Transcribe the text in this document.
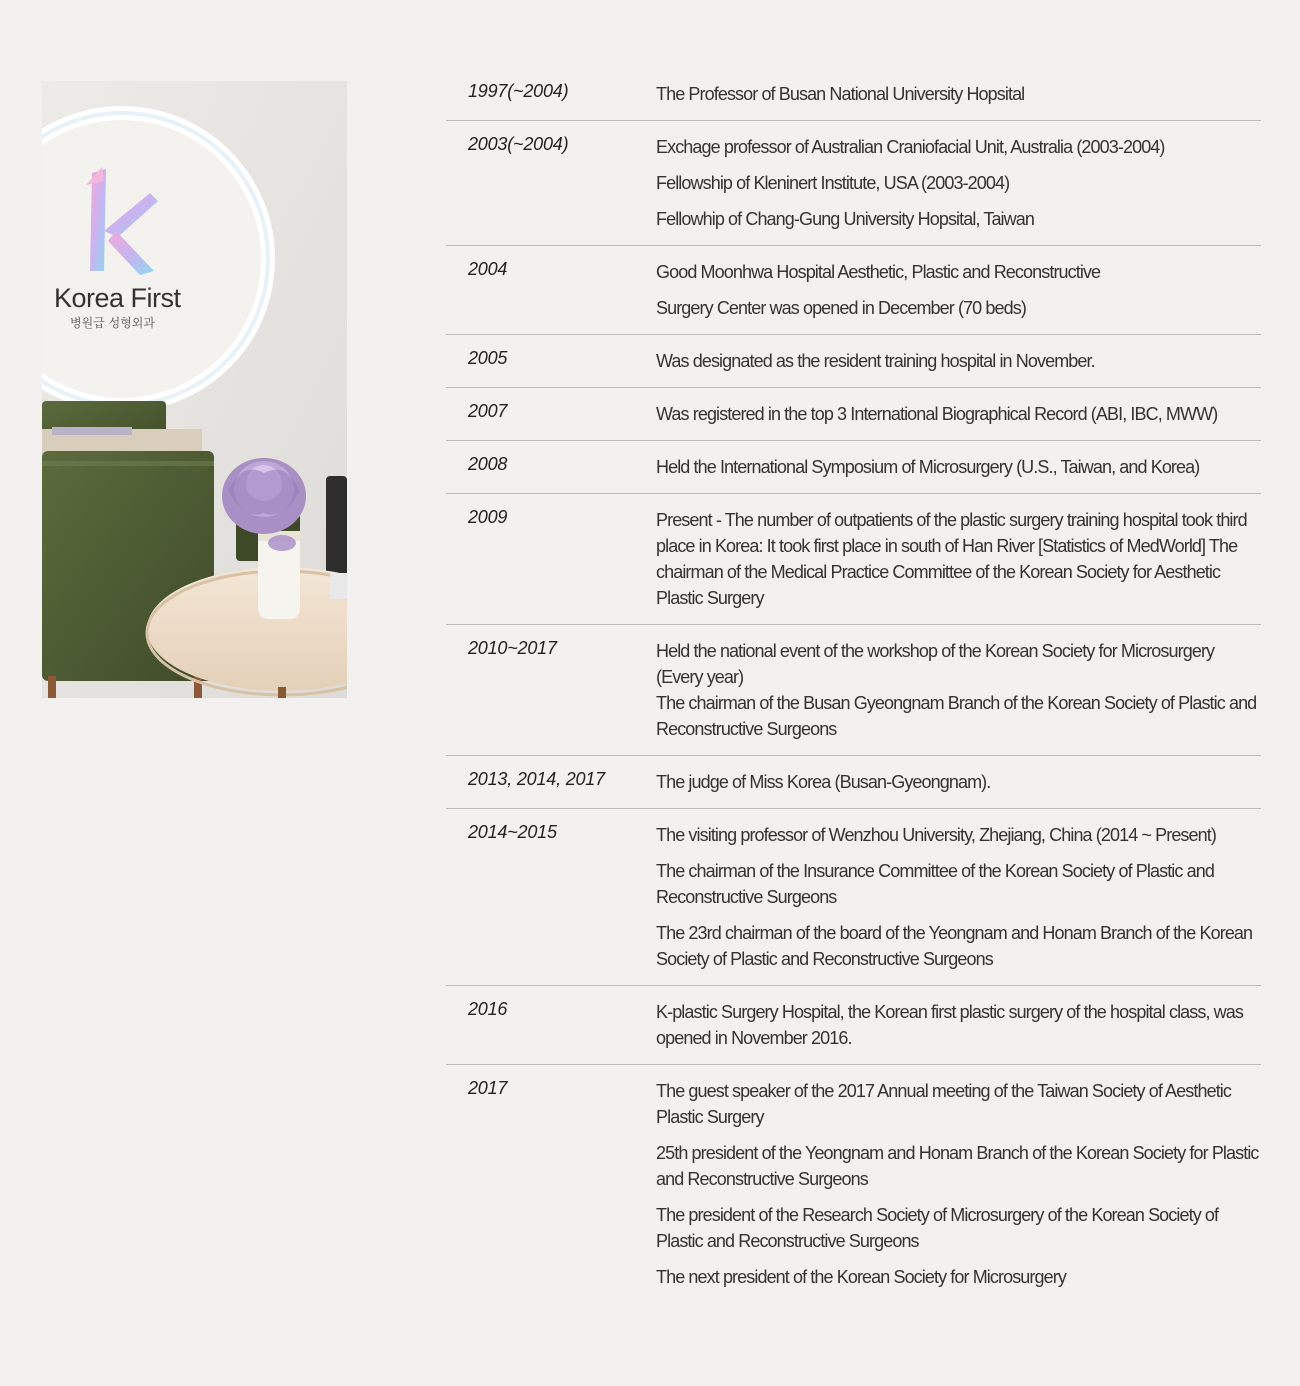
Korea First
병원급 성형외과
1997(~2004)	The Professor of Busan National University Hopsital
2003(~2004)	Exchage professor of Australian Craniofacial Unit, Australia (2003-2004)
Fellowship of Kleninert Institute, USA (2003-2004)
Fellowhip of Chang-Gung University Hopsital, Taiwan
2004	Good Moonhwa Hospital Aesthetic, Plastic and Reconstructive
Surgery Center was opened in December (70 beds)
2005	Was designated as the resident training hospital in November.
2007	Was registered in the top 3 International Biographical Record (ABI, IBC, MWW)
2008	Held the International Symposium of Microsurgery (U.S., Taiwan, and Korea)
2009	Present - The number of outpatients of the plastic surgery training hospital took third place in Korea: It took first place in south of Han River [Statistics of MedWorld] The chairman of the Medical Practice Committee of the Korean Society for Aesthetic Plastic Surgery
2010~2017	Held the national event of the workshop of the Korean Society for Microsurgery (Every year)
The chairman of the Busan Gyeongnam Branch of the Korean Society of Plastic and Reconstructive Surgeons
2013, 2014, 2017	The judge of Miss Korea (Busan-Gyeongnam).
2014~2015	The visiting professor of Wenzhou University, Zhejiang, China (2014 ~ Present)
The chairman of the Insurance Committee of the Korean Society of Plastic and Reconstructive Surgeons
The 23rd chairman of the board of the Yeongnam and Honam Branch of the Korean Society of Plastic and Reconstructive Surgeons
2016	K-plastic Surgery Hospital, the Korean first plastic surgery of the hospital class, was opened in November 2016.
2017	The guest speaker of the 2017 Annual meeting of the Taiwan Society of Aesthetic Plastic Surgery
25th president of the Yeongnam and Honam Branch of the Korean Society for Plastic and Reconstructive Surgeons
The president of the Research Society of Microsurgery of the Korean Society of Plastic and Reconstructive Surgeons
The next president of the Korean Society for Microsurgery
